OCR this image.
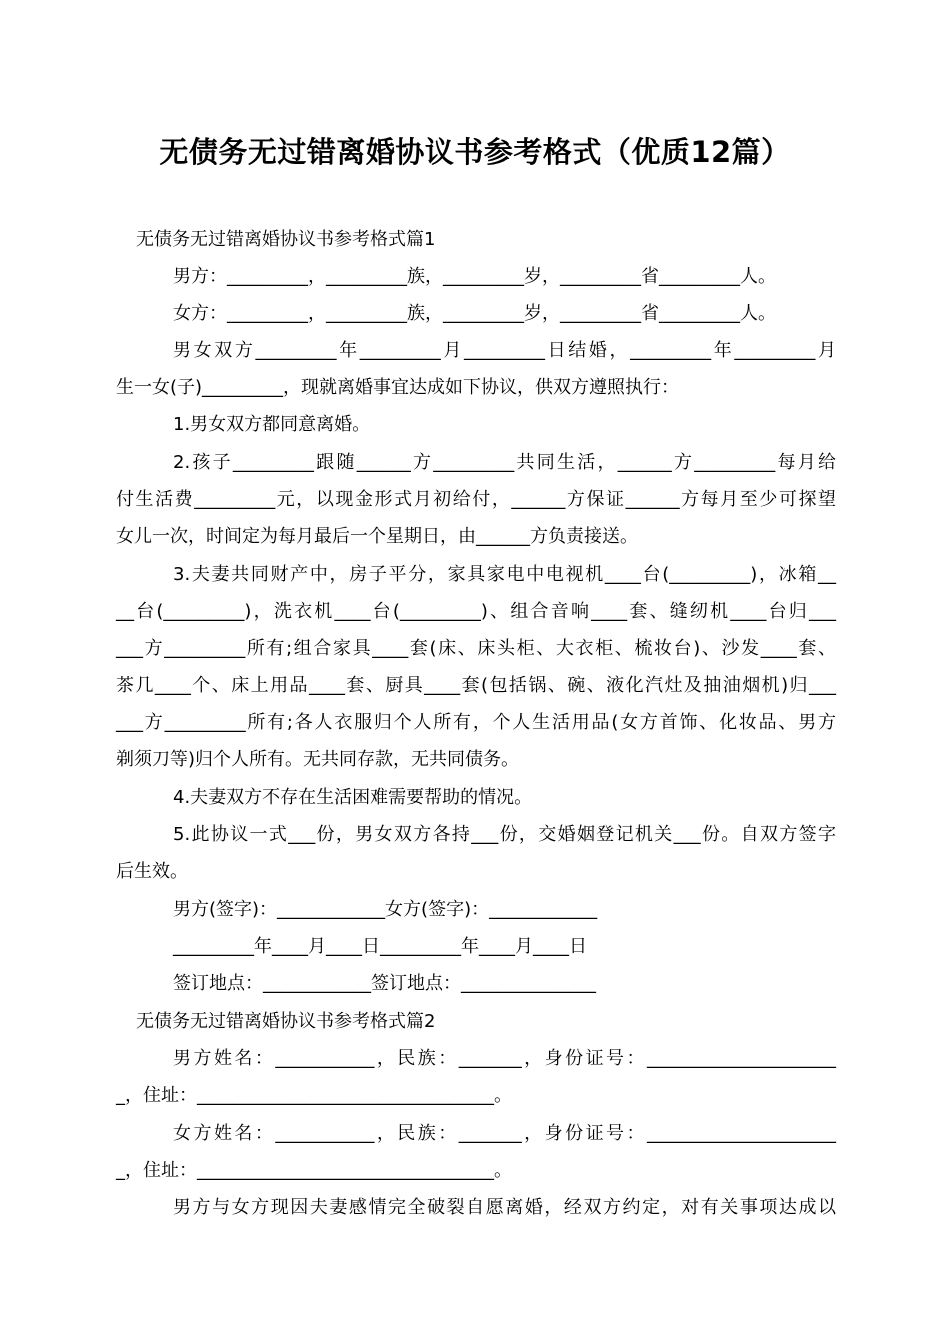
无债务无过错离婚协议书参考格式（优质12篇）
无债务无过错离婚协议书参考格式篇1
男方：_________，_________族，_________岁，_________省_________人。
女方：_________，_________族，_________岁，_________省_________人。
男女双方_________年_________月_________日结婚，_________年_________月
生一女(子)_________，现就离婚事宜达成如下协议，供双方遵照执行：
1.男女双方都同意离婚。
2.孩子_________跟随______方_________共同生活，______方_________每月给
付生活费_________元，以现金形式月初给付，______方保证______方每月至少可探望
女儿一次，时间定为每月最后一个星期日，由______方负责接送。
3.夫妻共同财产中，房子平分，家具家电中电视机____台(_________)，冰箱__
__台(_________)，洗衣机____台(_________)、组合音响____套、缝纫机____台归___
___方_________所有;组合家具____套(床、床头柜、大衣柜、梳妆台)、沙发____套、
茶几____个、床上用品____套、厨具____套(包括锅、碗、液化汽灶及抽油烟机)归___
___方_________所有;各人衣服归个人所有，个人生活用品(女方首饰、化妆品、男方
剃须刀等)归个人所有。无共同存款，无共同债务。
4.夫妻双方不存在生活困难需要帮助的情况。
5.此协议一式___份，男女双方各持___份，交婚姻登记机关___份。自双方签字
后生效。
男方(签字)：____________女方(签字)：____________
_________年____月____日_________年____月____日
签订地点：____________签订地点：_______________
无债务无过错离婚协议书参考格式篇2
男方姓名：___________，民族：_______，身份证号：_____________________
_，住址：_________________________________。
女方姓名：___________，民族：_______，身份证号：_____________________
_，住址：_________________________________。
男方与女方现因夫妻感情完全破裂自愿离婚，经双方约定，对有关事项达成以
